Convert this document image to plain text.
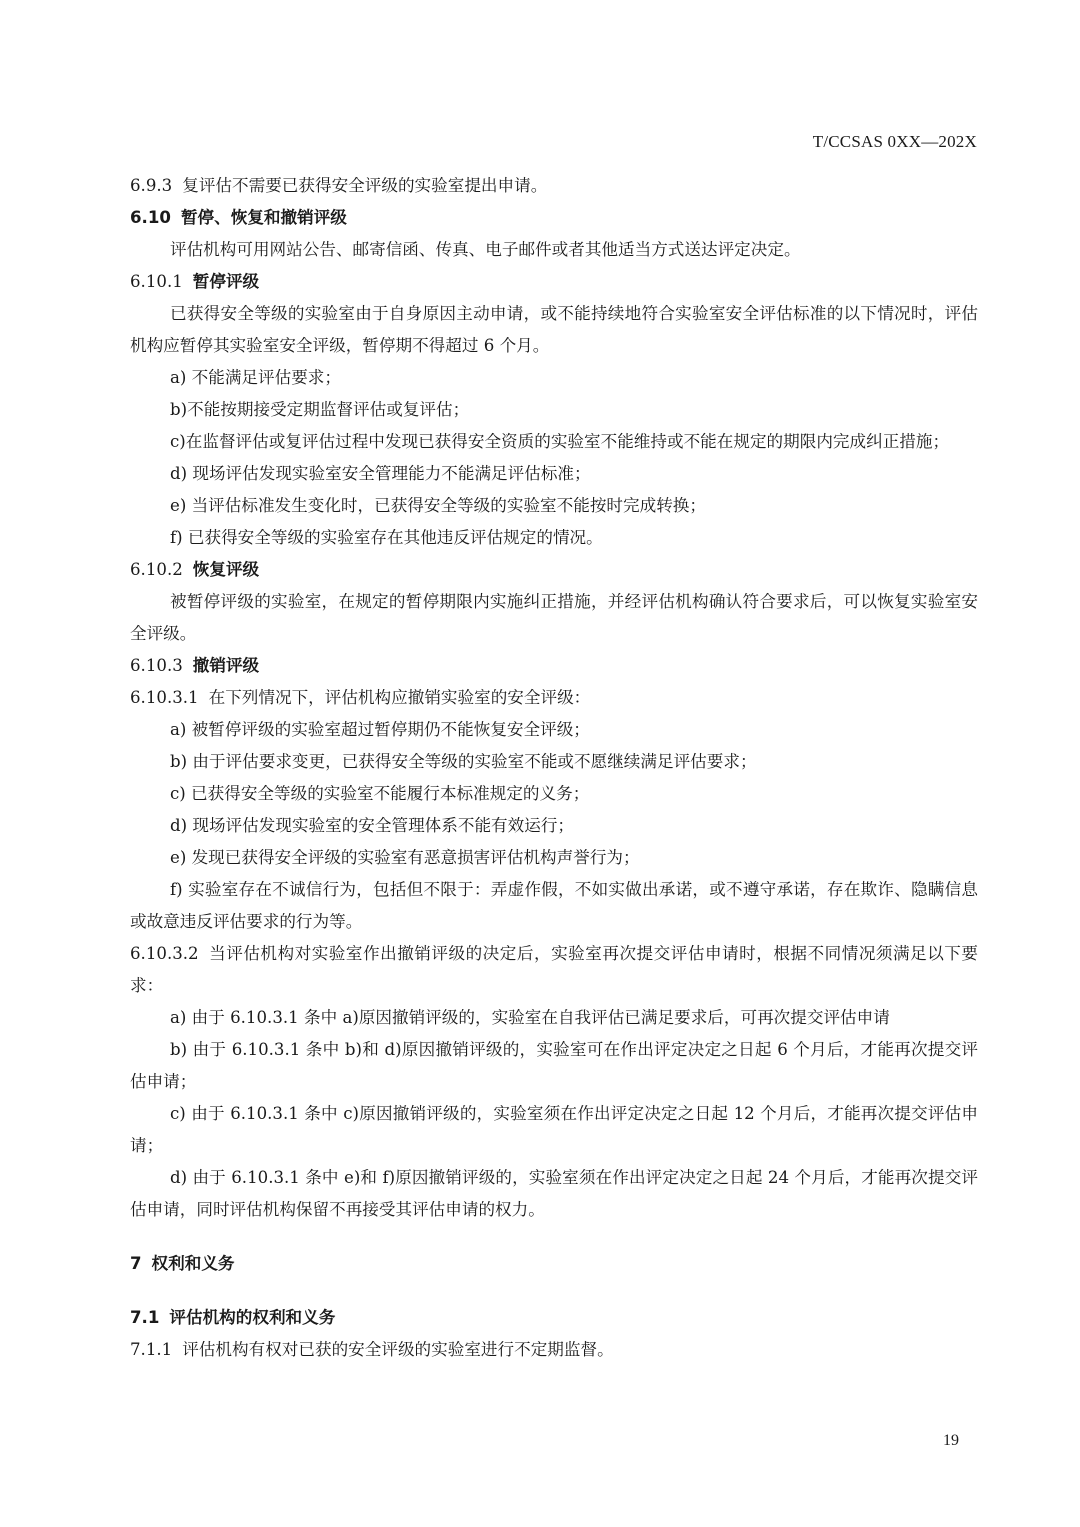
T/CCSAS 0XX—202X
6.9.3 复评估不需要已获得安全评级的实验室提出申请。
6.10 暂停、恢复和撤销评级
评估机构可用网站公告、邮寄信函、传真、电子邮件或者其他适当方式送达评定决定。
6.10.1 暂停评级
已获得安全等级的实验室由于自身原因主动申请，或不能持续地符合实验室安全评估标准的以下情况时，评估机构应暂停其实验室安全评级，暂停期不得超过 6 个月。
a) 不能满足评估要求；
b)不能按期接受定期监督评估或复评估；
c)在监督评估或复评估过程中发现已获得安全资质的实验室不能维持或不能在规定的期限内完成纠正措施；
d) 现场评估发现实验室安全管理能力不能满足评估标准；
e) 当评估标准发生变化时，已获得安全等级的实验室不能按时完成转换；
f) 已获得安全等级的实验室存在其他违反评估规定的情况。
6.10.2 恢复评级
被暂停评级的实验室，在规定的暂停期限内实施纠正措施，并经评估机构确认符合要求后，可以恢复实验室安全评级。
6.10.3 撤销评级
6.10.3.1 在下列情况下，评估机构应撤销实验室的安全评级：
a) 被暂停评级的实验室超过暂停期仍不能恢复安全评级；
b) 由于评估要求变更，已获得安全等级的实验室不能或不愿继续满足评估要求；
c) 已获得安全等级的实验室不能履行本标准规定的义务；
d) 现场评估发现实验室的安全管理体系不能有效运行；
e) 发现已获得安全评级的实验室有恶意损害评估机构声誉行为；
f) 实验室存在不诚信行为，包括但不限于：弄虚作假，不如实做出承诺，或不遵守承诺，存在欺诈、隐瞒信息或故意违反评估要求的行为等。
6.10.3.2 当评估机构对实验室作出撤销评级的决定后，实验室再次提交评估申请时，根据不同情况须满足以下要求：
a) 由于 6.10.3.1 条中 a)原因撤销评级的，实验室在自我评估已满足要求后，可再次提交评估申请
b) 由于 6.10.3.1 条中 b)和 d)原因撤销评级的，实验室可在作出评定决定之日起 6 个月后，才能再次提交评估申请；
c) 由于 6.10.3.1 条中 c)原因撤销评级的，实验室须在作出评定决定之日起 12 个月后，才能再次提交评估申请；
d) 由于 6.10.3.1 条中 e)和 f)原因撤销评级的，实验室须在作出评定决定之日起 24 个月后，才能再次提交评估申请，同时评估机构保留不再接受其评估申请的权力。
7 权利和义务
7.1 评估机构的权利和义务
7.1.1 评估机构有权对已获的安全评级的实验室进行不定期监督。
19
